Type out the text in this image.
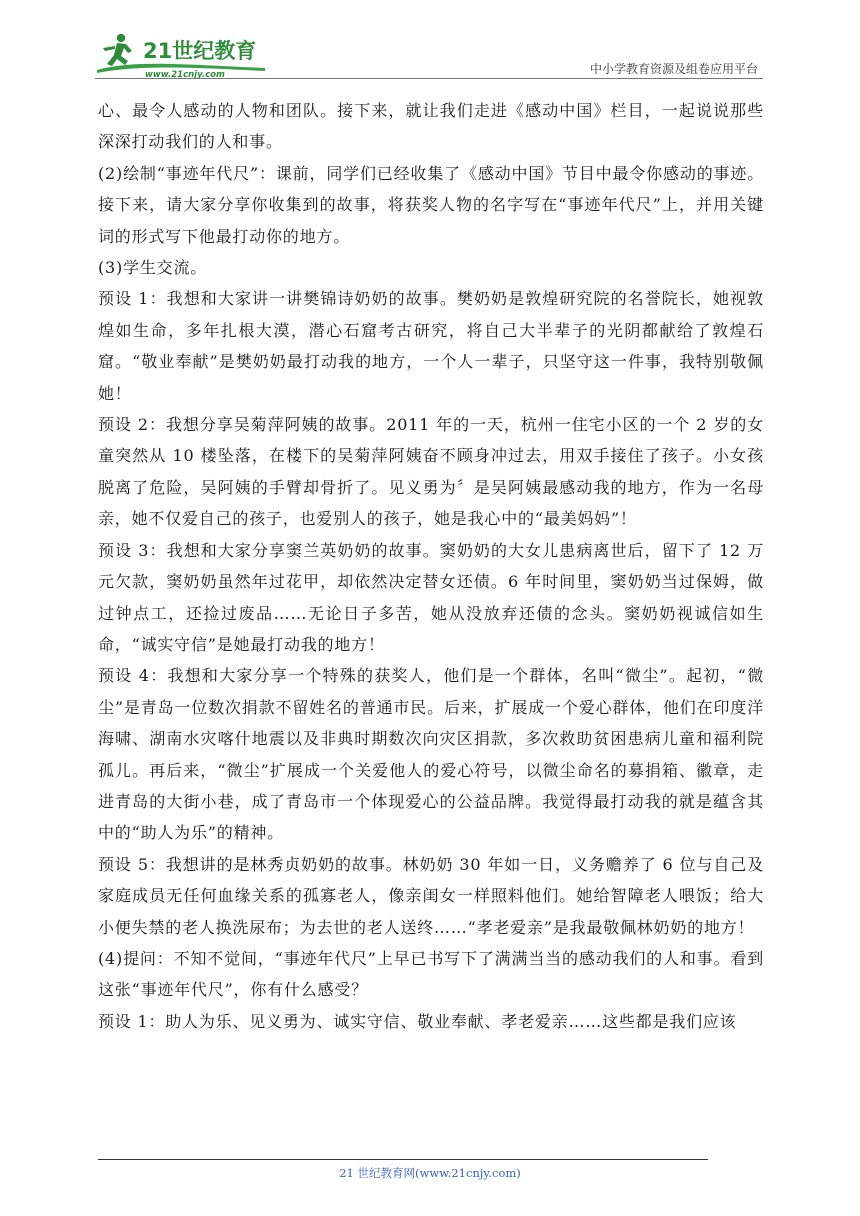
21世纪教育
www.21cnjy.com	中小学教育资源及组卷应用平台

心、最令人感动的人物和团队。接下来，就让我们走进《感动中国》栏目，一起说说那些深深打动我们的人和事。

(2)绘制“事迹年代尺”：课前，同学们已经收集了《感动中国》节目中最令你感动的事迹。接下来，请大家分享你收集到的故事，将获奖人物的名字写在“事迹年代尺”上，并用关键词的形式写下他最打动你的地方。

(3)学生交流。

预设 1：我想和大家讲一讲樊锦诗奶奶的故事。樊奶奶是敦煌研究院的名誉院长，她视敦煌如生命，多年扎根大漠，潜心石窟考古研究，将自己大半辈子的光阴都献给了敦煌石窟。“敬业奉献”是樊奶奶最打动我的地方，一个人一辈子，只坚守这一件事，我特别敬佩她！

预设 2：我想分享吴菊萍阿姨的故事。2011 年的一天，杭州一住宅小区的一个 2 岁的女童突然从 10 楼坠落，在楼下的吴菊萍阿姨奋不顾身冲过去，用双手接住了孩子。小女孩脱离了危险，吴阿姨的手臂却骨折了。见义勇为〞是吴阿姨最感动我的地方，作为一名母亲，她不仅爱自己的孩子，也爱别人的孩子，她是我心中的“最美妈妈”！

预设 3：我想和大家分享窦兰英奶奶的故事。窦奶奶的大女儿患病离世后，留下了 12 万元欠款，窦奶奶虽然年过花甲，却依然决定替女还债。6 年时间里，窦奶奶当过保姆，做过钟点工，还捡过废品……无论日子多苦，她从没放弃还债的念头。窦奶奶视诚信如生命，“诚实守信”是她最打动我的地方！

预设 4：我想和大家分享一个特殊的获奖人，他们是一个群体，名叫“微尘”。起初，“微尘”是青岛一位数次捐款不留姓名的普通市民。后来，扩展成一个爱心群体，他们在印度洋海啸、湖南水灾喀什地震以及非典时期数次向灾区捐款，多次救助贫困患病儿童和福利院孤儿。再后来，“微尘”扩展成一个关爱他人的爱心符号，以微尘命名的募捐箱、徽章，走进青岛的大街小巷，成了青岛市一个体现爱心的公益品牌。我觉得最打动我的就是蕴含其中的“助人为乐”的精神。

预设 5：我想讲的是林秀贞奶奶的故事。林奶奶 30 年如一日，义务赡养了 6 位与自己及家庭成员无任何血缘关系的孤寡老人，像亲闺女一样照料他们。她给智障老人喂饭；给大小便失禁的老人换洗尿布；为去世的老人送终……“孝老爱亲”是我最敬佩林奶奶的地方！

(4)提问：不知不觉间，“事迹年代尺”上早已书写下了满满当当的感动我们的人和事。看到这张“事迹年代尺”，你有什么感受？

预设 1：助人为乐、见义勇为、诚实守信、敬业奉献、孝老爱亲……这些都是我们应该

21 世纪教育网(www.21cnjy.com)
